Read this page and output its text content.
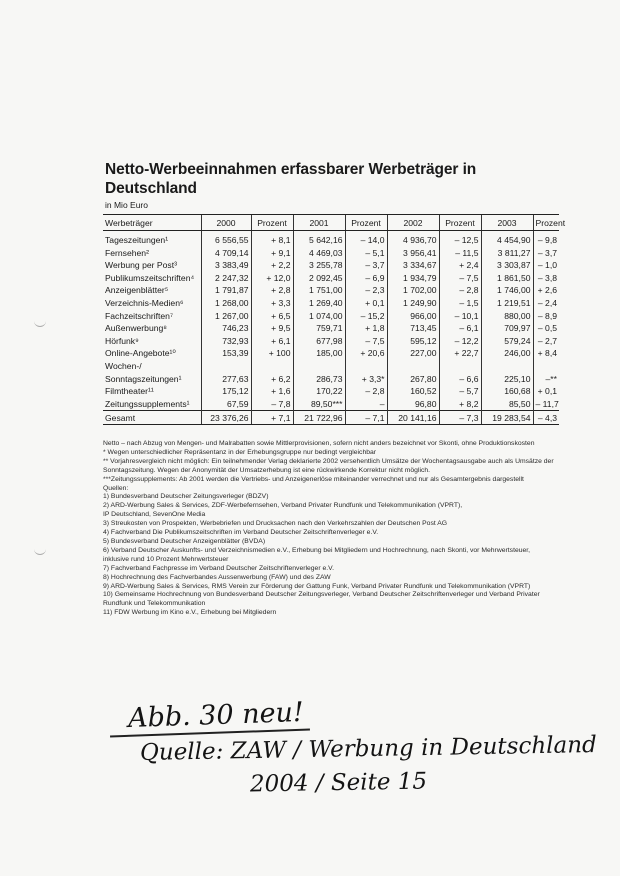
Netto-Werbeeinnahmen erfassbarer Werbeträger in Deutschland
in Mio Euro
Werbeträger	2000	Prozent	2001	Prozent	2002	Prozent	2003	Prozent
Tageszeitungen¹	6 556,55	+ 8,1	5 642,16	– 14,0	4 936,70	– 12,5	4 454,90	– 9,8
Fernsehen²	4 709,14	+ 9,1	4 469,03	– 5,1	3 956,41	– 11,5	3 811,27	– 3,7
Werbung per Post³	3 383,49	+ 2,2	3 255,78	– 3,7	3 334,67	+ 2,4	3 303,87	– 1,0
Publikumszeitschriften⁴	2 247,32	+ 12,0	2 092,45	– 6,9	1 934,79	– 7,5	1 861,50	– 3,8
Anzeigenblätter⁵	1 791,87	+ 2,8	1 751,00	– 2,3	1 702,00	– 2,8	1 746,00	+ 2,6
Verzeichnis-Medien⁶	1 268,00	+ 3,3	1 269,40	+ 0,1	1 249,90	– 1,5	1 219,51	– 2,4
Fachzeitschriften⁷	1 267,00	+ 6,5	1 074,00	– 15,2	966,00	– 10,1	880,00	– 8,9
Außenwerbung⁸	746,23	+ 9,5	759,71	+ 1,8	713,45	– 6,1	709,97	– 0,5
Hörfunk⁹	732,93	+ 6,1	677,98	– 7,5	595,12	– 12,2	579,24	– 2,7
Online-Angebote¹⁰	153,39	+ 100	185,00	+ 20,6	227,00	+ 22,7	246,00	+ 8,4
Wochen-/								
Sonntagszeitungen¹	277,63	+ 6,2	286,73	+ 3,3*	267,80	– 6,6	225,10	–**
Filmtheater¹¹	175,12	+ 1,6	170,22	– 2,8	160,52	– 5,7	160,68	+ 0,1
Zeitungssupplements¹	67,59	– 7,8	89,50***	–	96,80	+ 8,2	85,50	– 11,7
Gesamt	23 376,26	+ 7,1	21 722,96	– 7,1	20 141,16	– 7,3	19 283,54	– 4,3
Netto – nach Abzug von Mengen- und Malrabatten sowie Mittlerprovisionen, sofern nicht anders bezeichnet vor Skonti, ohne Produktionskosten
* Wegen unterschiedlicher Repräsentanz in der Erhebungsgruppe nur bedingt vergleichbar
** Vorjahresvergleich nicht möglich: Ein teilnehmender Verlag deklarierte 2002 versehentlich Umsätze der Wochentagsausgabe auch als Umsätze der Sonntagszeitung. Wegen der Anonymität der Umsatzerhebung ist eine rückwirkende Korrektur nicht möglich.
***Zeitungssupplements: Ab 2001 werden die Vertriebs- und Anzeigenerlöse miteinander verrechnet und nur als Gesamtergebnis dargestellt
Quellen:
1) Bundesverband Deutscher Zeitungsverleger (BDZV)
2) ARD-Werbung Sales & Services, ZDF-Werbefernsehen, Verband Privater Rundfunk und Telekommunikation (VPRT),
IP Deutschland, SevenOne Media
3) Streukosten von Prospekten, Werbebriefen und Drucksachen nach den Verkehrszahlen der Deutschen Post AG
4) Fachverband Die Publikumszeitschriften im Verband Deutscher Zeitschriftenverleger e.V.
5) Bundesverband Deutscher Anzeigenblätter (BVDA)
6) Verband Deutscher Auskunfts- und Verzeichnismedien e.V., Erhebung bei Mitgliedern und Hochrechnung, nach Skonti, vor Mehrwertsteuer, inklusive rund 10 Prozent Mehrwertsteuer
7) Fachverband Fachpresse im Verband Deutscher Zeitschriftenverleger e.V.
8) Hochrechnung des Fachverbandes Aussenwerbung (FAW) und des ZAW
9) ARD-Werbung Sales & Services, RMS Verein zur Förderung der Gattung Funk, Verband Privater Rundfunk und Telekommunikation (VPRT)
10) Gemeinsame Hochrechnung von Bundesverband Deutscher Zeitungsverleger, Verband Deutscher Zeitschriftenverleger und Verband Privater Rundfunk und Telekommunikation
11) FDW Werbung im Kino e.V., Erhebung bei Mitgliedern
Abb. 30 neu!
Quelle: ZAW / Werbung in Deutschland
2004 / Seite 15
